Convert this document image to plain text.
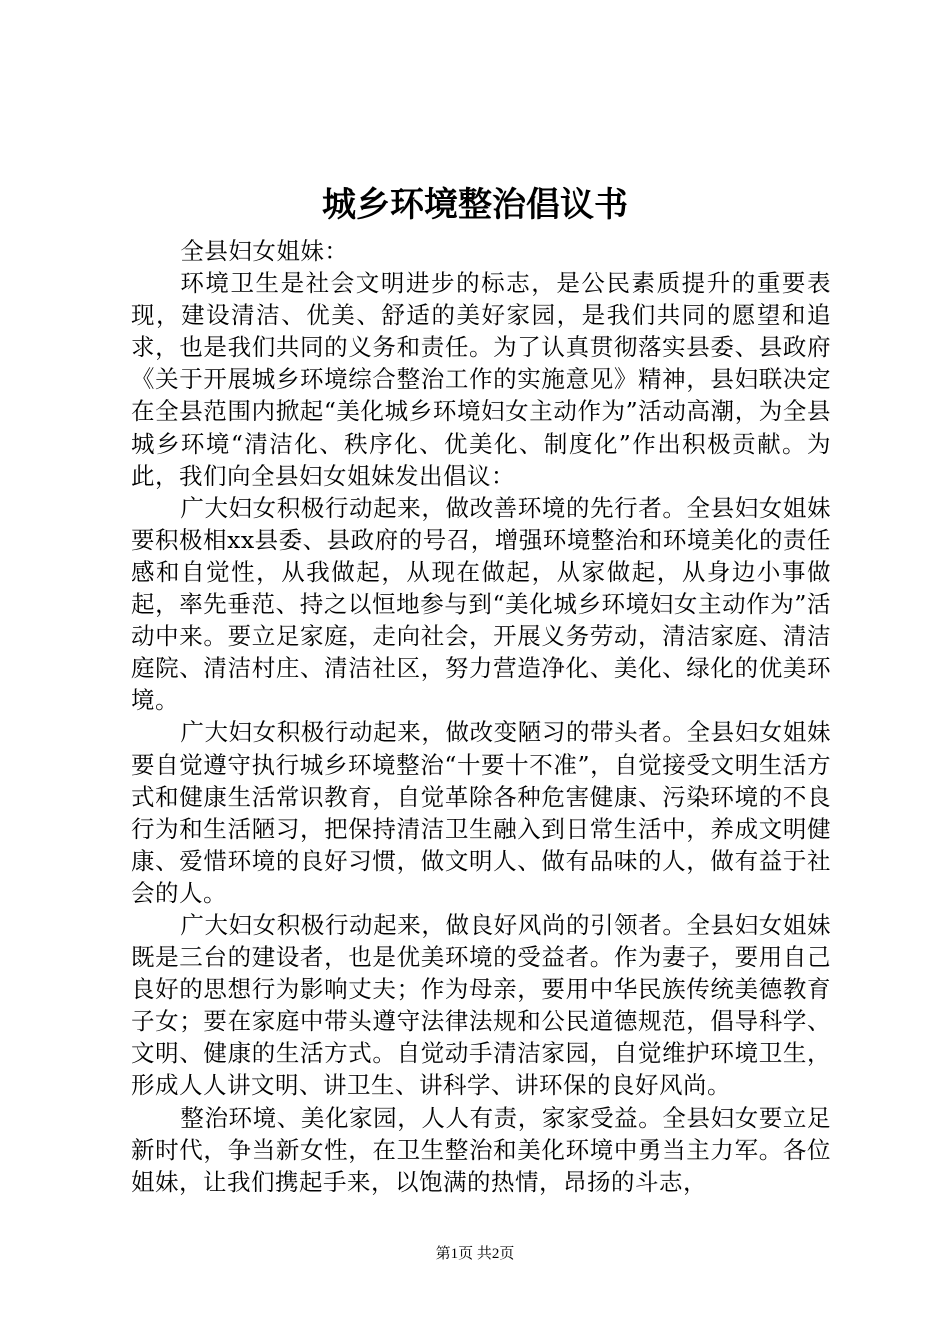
城乡环境整治倡议书

全县妇女姐妹：

环境卫生是社会文明进步的标志，是公民素质提升的重要表现，建设清洁、优美、舒适的美好家园，是我们共同的愿望和追求，也是我们共同的义务和责任。为了认真贯彻落实县委、县政府《关于开展城乡环境综合整治工作的实施意见》精神，县妇联决定在全县范围内掀起“美化城乡环境妇女主动作为”活动高潮，为全县城乡环境“清洁化、秩序化、优美化、制度化”作出积极贡献。为此，我们向全县妇女姐妹发出倡议：

广大妇女积极行动起来，做改善环境的先行者。全县妇女姐妹要积极相xx县委、县政府的号召，增强环境整治和环境美化的责任感和自觉性，从我做起，从现在做起，从家做起，从身边小事做起，率先垂范、持之以恒地参与到“美化城乡环境妇女主动作为”活动中来。要立足家庭，走向社会，开展义务劳动，清洁家庭、清洁庭院、清洁村庄、清洁社区，努力营造净化、美化、绿化的优美环境。

广大妇女积极行动起来，做改变陋习的带头者。全县妇女姐妹要自觉遵守执行城乡环境整治“十要十不准”，自觉接受文明生活方式和健康生活常识教育，自觉革除各种危害健康、污染环境的不良行为和生活陋习，把保持清洁卫生融入到日常生活中，养成文明健康、爱惜环境的良好习惯，做文明人、做有品味的人，做有益于社会的人。

广大妇女积极行动起来，做良好风尚的引领者。全县妇女姐妹既是三台的建设者，也是优美环境的受益者。作为妻子，要用自己良好的思想行为影响丈夫；作为母亲，要用中华民族传统美德教育子女；要在家庭中带头遵守法律法规和公民道德规范，倡导科学、文明、健康的生活方式。自觉动手清洁家园，自觉维护环境卫生，形成人人讲文明、讲卫生、讲科学、讲环保的良好风尚。

整治环境、美化家园，人人有责，家家受益。全县妇女要立足新时代，争当新女性，在卫生整治和美化环境中勇当主力军。各位姐妹，让我们携起手来，以饱满的热情，昂扬的斗志，

第1页 共2页
